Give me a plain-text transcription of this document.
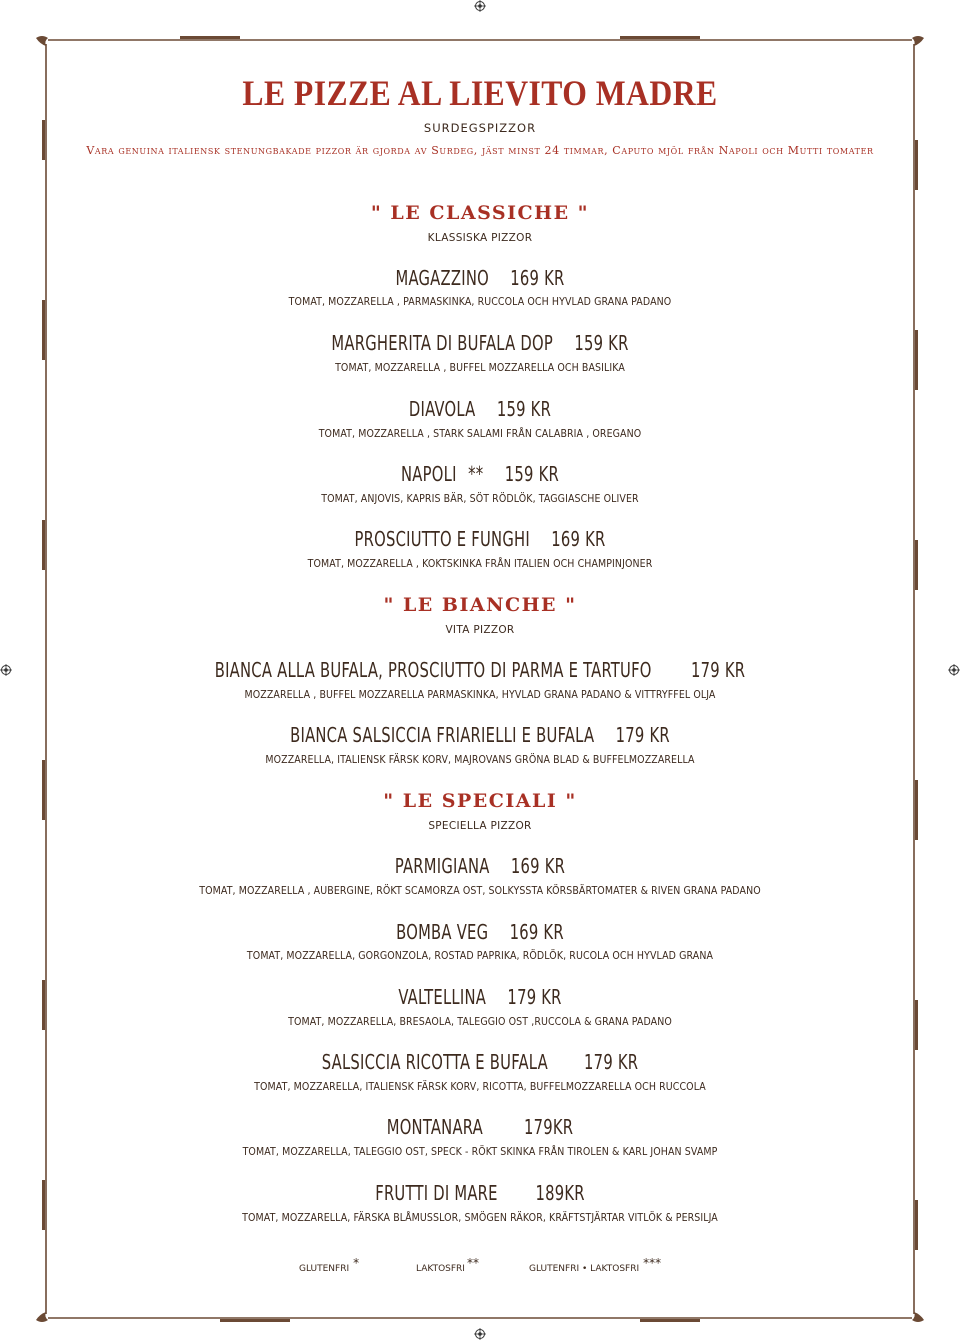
LE PIZZE AL LIEVITO MADRE
SURDEGSPIZZOR
Vara genuina italiensk stenungbakade pizzor är gjorda av Surdeg, jäst minst 24 timmar, Caputo mjöl från Napoli och Mutti tomater
" LE CLASSICHE "
KLASSISKA PIZZOR
MAGAZZINO 169 KR
TOMAT, MOZZARELLA , PARMASKINKA, RUCCOLA OCH HYVLAD GRANA PADANO
MARGHERITA DI BUFALA DOP 159 KR
TOMAT, MOZZARELLA , BUFFEL MOZZARELLA OCH BASILIKA
DIAVOLA 159 KR
TOMAT, MOZZARELLA , STARK SALAMI FRÅN CALABRIA , OREGANO
NAPOLI ** 159 KR
TOMAT, ANJOVIS, KAPRIS BÄR, SÖT RÖDLÖK, TAGGIASCHE OLIVER
PROSCIUTTO E FUNGHI 169 KR
TOMAT, MOZZARELLA , KOKTSKINKA FRÅN ITALIEN OCH CHAMPINJONER
" LE BIANCHE "
VITA PIZZOR
BIANCA ALLA BUFALA, PROSCIUTTO DI PARMA E TARTUFO 179 KR
MOZZARELLA , BUFFEL MOZZARELLA PARMASKINKA, HYVLAD GRANA PADANO & VITTRYFFEL OLJA
BIANCA SALSICCIA FRIARIELLI E BUFALA 179 KR
MOZZARELLA, ITALIENSK FÄRSK KORV, MAJROVANS GRÖNA BLAD & BUFFELMOZZARELLA
" LE SPECIALI "
SPECIELLA PIZZOR
PARMIGIANA 169 KR
TOMAT, MOZZARELLA , AUBERGINE, RÖKT SCAMORZA OST, SOLKYSSTA KÖRSBÄRTOMATER & RIVEN GRANA PADANO
BOMBA VEG 169 KR
TOMAT, MOZZARELLA, GORGONZOLA, ROSTAD PAPRIKA, RÖDLÖK, RUCOLA OCH HYVLAD GRANA
VALTELLINA 179 KR
TOMAT, MOZZARELLA, BRESAOLA, TALEGGIO OST ,RUCCOLA & GRANA PADANO
SALSICCIA RICOTTA E BUFALA 179 KR
TOMAT, MOZZARELLA, ITALIENSK FÄRSK KORV, RICOTTA, BUFFELMOZZARELLA OCH RUCCOLA
MONTANARA 179KR
TOMAT, MOZZARELLA, TALEGGIO OST, SPECK - RÖKT SKINKA FRÅN TIROLEN & KARL JOHAN SVAMP
FRUTTI DI MARE 189KR
TOMAT, MOZZARELLA, FÄRSKA BLÅMUSSLOR, SMÖGEN RÄKOR, KRÄFTSTJÄRTAR VITLÖK & PERSILJA
GLUTENFRI *	LAKTOSFRI **	GLUTENFRI • LAKTOSFRI ***
